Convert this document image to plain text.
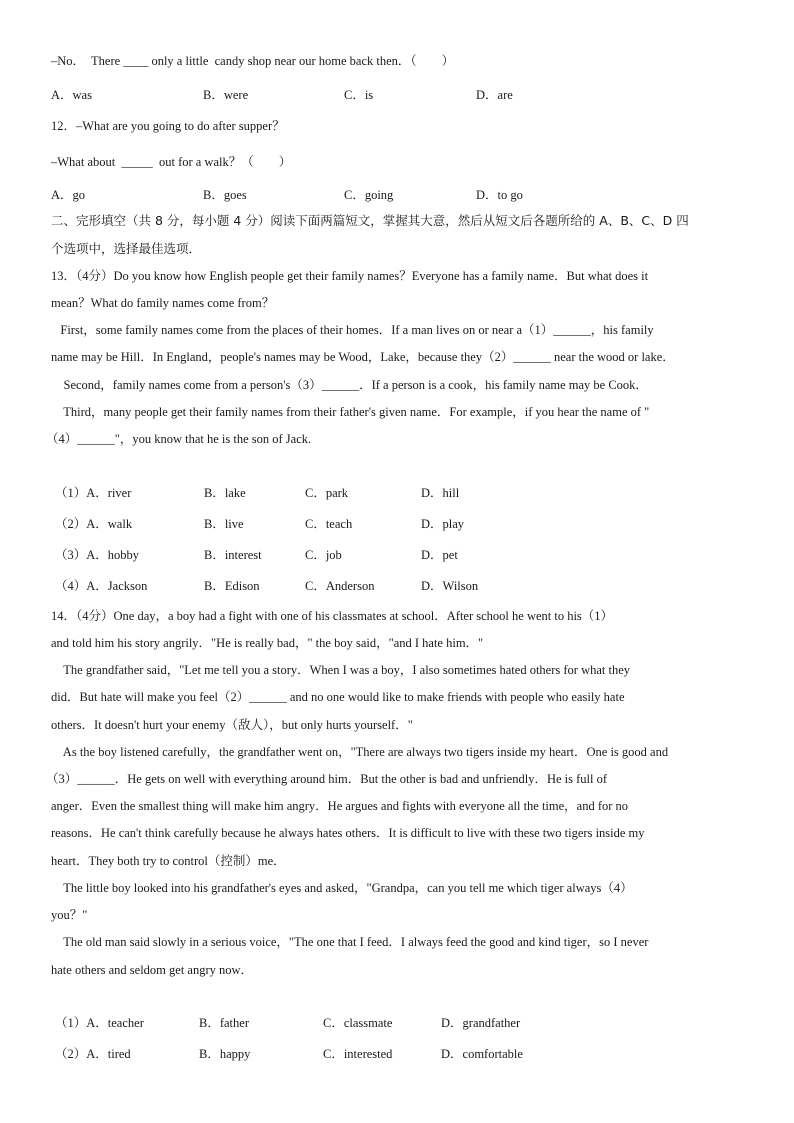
–No．  There ____ only a little  candy shop near our home back then．（        ）
A．was	B．were	C．is	D．are
12．–What are you going to do after supper？
–What about  _____  out for a walk？（        ）
A．go	B．goes	C．going	D．to go
二、完形填空（共 8 分，每小题 4 分）阅读下面两篇短文，掌握其大意，然后从短文后各题所给的 A、B、C、D 四
个选项中，选择最佳选项．
13．（4分）Do you know how English people get their family names？Everyone has a family name．But what does it
mean？What do family names come from？
First，some family names come from the places of their homes．If a man lives on or near a（1）______，his family
name may be Hill．In England，people's names may be Wood，Lake，because they（2）______ near the wood or lake．
Second，family names come from a person's（3）______．If a person is a cook，his family name may be Cook．
Third，many people get their family names from their father's given name．For example，if you hear the name of "
（4）______"，you know that he is the son of Jack.
（1）A．river	B．lake	C．park	D．hill
（2）A．walk	B．live	C．teach	D．play
（3）A．hobby	B．interest	C．job	D．pet
（4）A．Jackson	B．Edison	C．Anderson	D．Wilson
14．（4分）One day，a boy had a fight with one of his classmates at school．After school he went to his（1）
and told him his story angrily．"He is really bad，" the boy said，"and I hate him．"
The grandfather said，"Let me tell you a story．When I was a boy，I also sometimes hated others for what they
did．But hate will make you feel（2）______ and no one would like to make friends with people who easily hate
others．It doesn't hurt your enemy（敌人），but only hurts yourself．"
As the boy listened carefully，the grandfather went on，"There are always two tigers inside my heart．One is good and
（3）______．He gets on well with everything around him．But the other is bad and unfriendly．He is full of
anger．Even the smallest thing will make him angry．He argues and fights with everyone all the time，and for no
reasons．He can't think carefully because he always hates others．It is difficult to live with these two tigers inside my
heart．They both try to control（控制）me．
The little boy looked into his grandfather's eyes and asked，"Grandpa，can you tell me which tiger always（4）
you？"
The old man said slowly in a serious voice，"The one that I feed．I always feed the good and kind tiger，so I never
hate others and seldom get angry now．
（1）A．teacher	B．father	C．classmate	D．grandfather
（2）A．tired	B．happy	C．interested	D．comfortable
